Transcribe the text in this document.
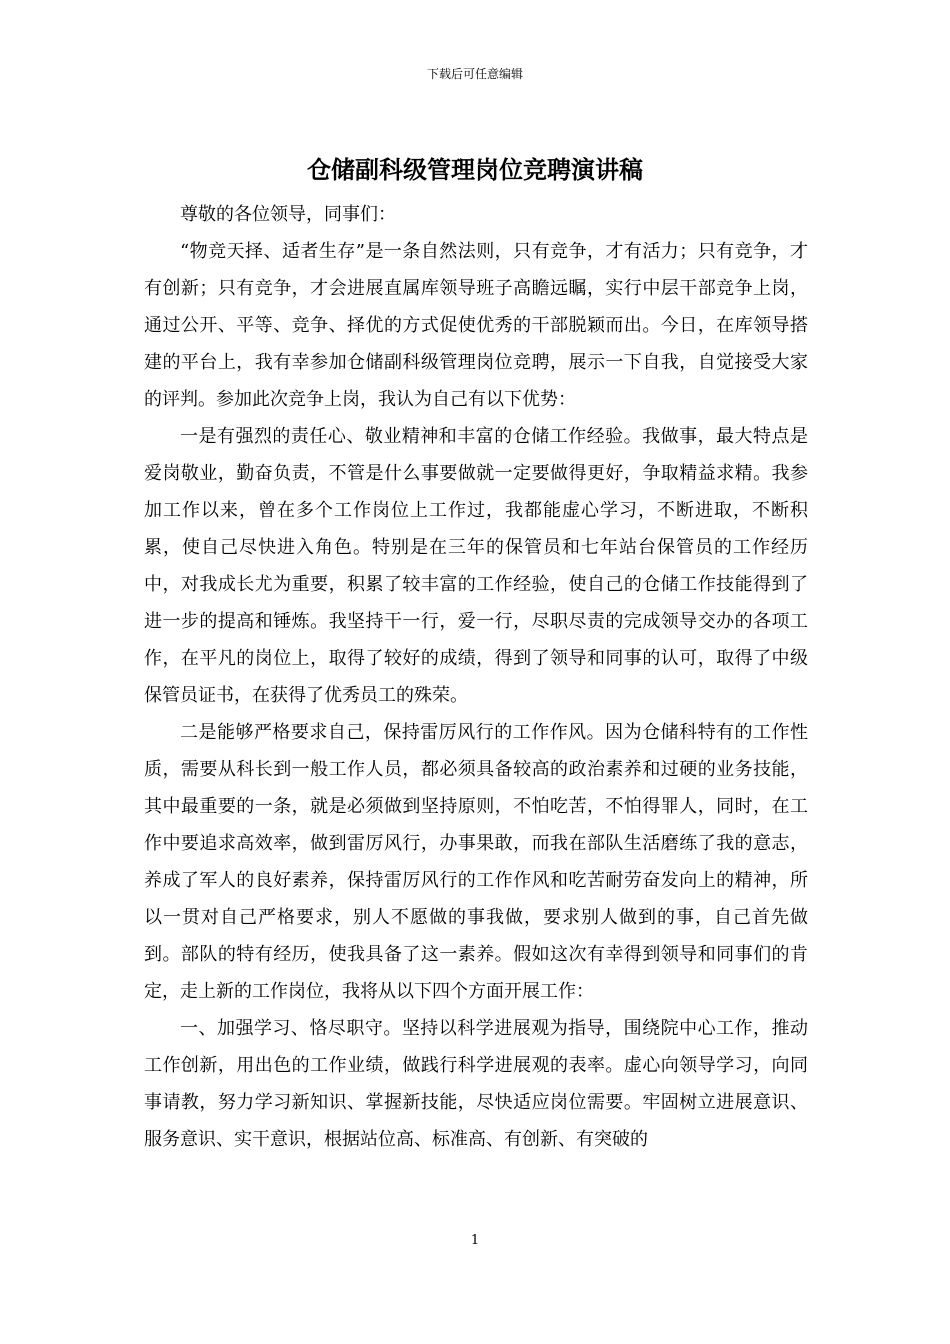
下载后可任意编辑
仓储副科级管理岗位竞聘演讲稿

尊敬的各位领导，同事们：

“物竞天择、适者生存”是一条自然法则，只有竞争，才有活力；只有竞争，才有创新；只有竞争，才会进展直属库领导班子高瞻远瞩，实行中层干部竞争上岗，通过公开、平等、竞争、择优的方式促使优秀的干部脱颖而出。今日，在库领导搭建的平台上，我有幸参加仓储副科级管理岗位竞聘，展示一下自我，自觉接受大家的评判。参加此次竞争上岗，我认为自己有以下优势：

一是有强烈的责任心、敬业精神和丰富的仓储工作经验。我做事，最大特点是爱岗敬业，勤奋负责，不管是什么事要做就一定要做得更好，争取精益求精。我参加工作以来，曾在多个工作岗位上工作过，我都能虚心学习，不断进取，不断积累，使自己尽快进入角色。特别是在三年的保管员和七年站台保管员的工作经历中，对我成长尤为重要，积累了较丰富的工作经验，使自己的仓储工作技能得到了进一步的提高和锤炼。我坚持干一行，爱一行，尽职尽责的完成领导交办的各项工作，在平凡的岗位上，取得了较好的成绩，得到了领导和同事的认可，取得了中级保管员证书，在获得了优秀员工的殊荣。

二是能够严格要求自己，保持雷厉风行的工作作风。因为仓储科特有的工作性质，需要从科长到一般工作人员，都必须具备较高的政治素养和过硬的业务技能，其中最重要的一条，就是必须做到坚持原则，不怕吃苦，不怕得罪人，同时，在工作中要追求高效率，做到雷厉风行，办事果敢，而我在部队生活磨练了我的意志，养成了军人的良好素养，保持雷厉风行的工作作风和吃苦耐劳奋发向上的精神，所以一贯对自己严格要求，别人不愿做的事我做，要求别人做到的事，自己首先做到。部队的特有经历，使我具备了这一素养。假如这次有幸得到领导和同事们的肯定，走上新的工作岗位，我将从以下四个方面开展工作：

一、加强学习、恪尽职守。坚持以科学进展观为指导，围绕院中心工作，推动工作创新，用出色的工作业绩，做践行科学进展观的表率。虚心向领导学习，向同事请教，努力学习新知识、掌握新技能，尽快适应岗位需要。牢固树立进展意识、服务意识、实干意识，根据站位高、标准高、有创新、有突破的

1
